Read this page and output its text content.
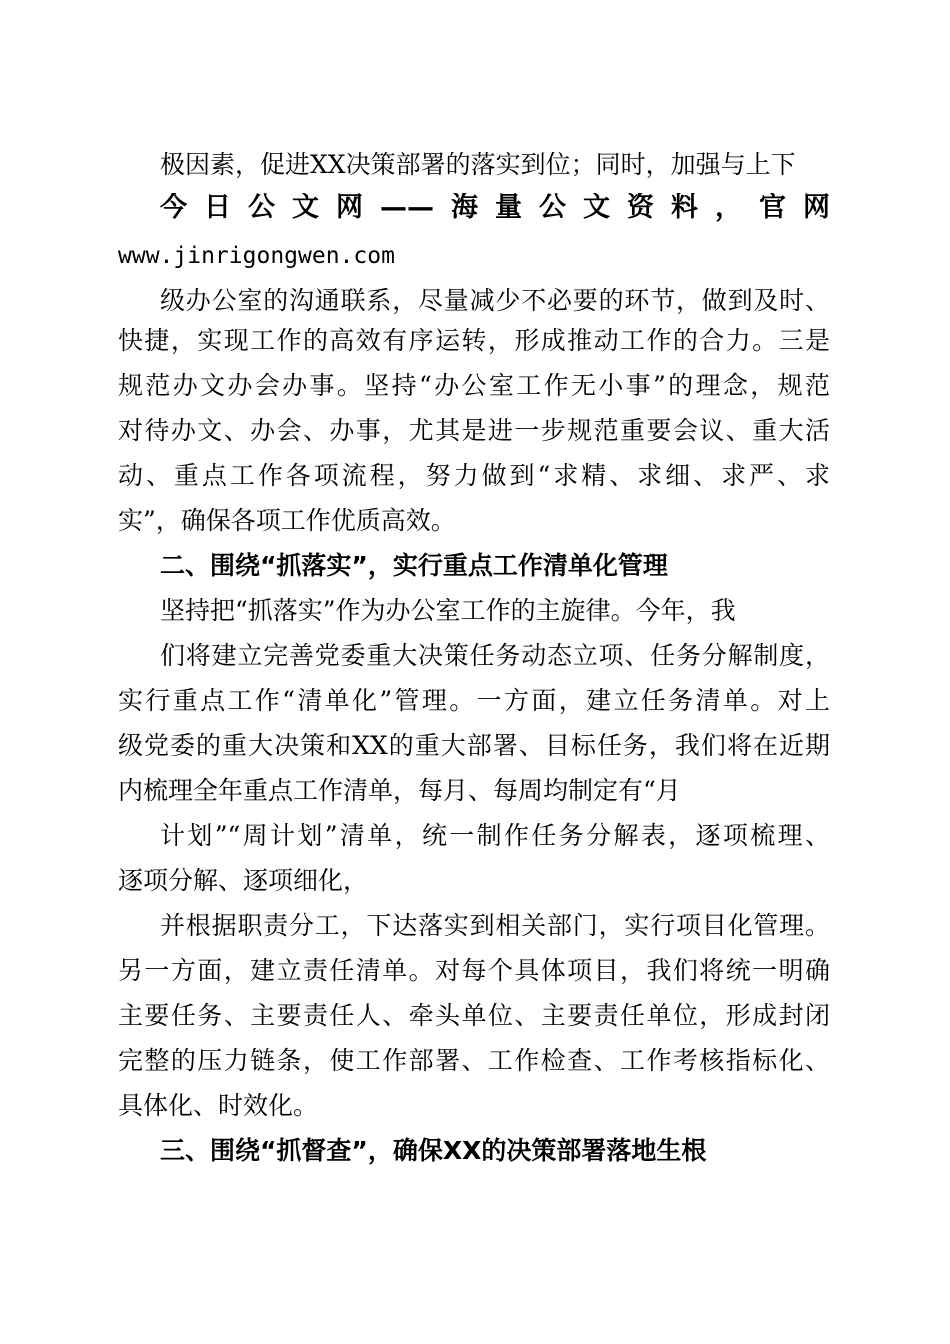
极因素，促进XX决策部署的落实到位；同时，加强与上下
今日公文网——海量公文资料，官网
www.jinrigongwen.com
级办公室的沟通联系，尽量减少不必要的环节，做到及时、
快捷，实现工作的高效有序运转，形成推动工作的合力。三是
规范办文办会办事。坚持“办公室工作无小事”的理念，规范
对待办文、办会、办事，尤其是进一步规范重要会议、重大活
动、重点工作各项流程，努力做到“求精、求细、求严、求
实”，确保各项工作优质高效。
二、围绕“抓落实”，实行重点工作清单化管理
坚持把“抓落实”作为办公室工作的主旋律。今年，我
们将建立完善党委重大决策任务动态立项、任务分解制度，
实行重点工作“清单化”管理。一方面，建立任务清单。对上
级党委的重大决策和XX的重大部署、目标任务，我们将在近期
内梳理全年重点工作清单，每月、每周均制定有“月
计划”“周计划”清单，统一制作任务分解表，逐项梳理、
逐项分解、逐项细化，
并根据职责分工，下达落实到相关部门，实行项目化管理。
另一方面，建立责任清单。对每个具体项目，我们将统一明确
主要任务、主要责任人、牵头单位、主要责任单位，形成封闭
完整的压力链条，使工作部署、工作检查、工作考核指标化、
具体化、时效化。
三、围绕“抓督查”，确保XX的决策部署落地生根
